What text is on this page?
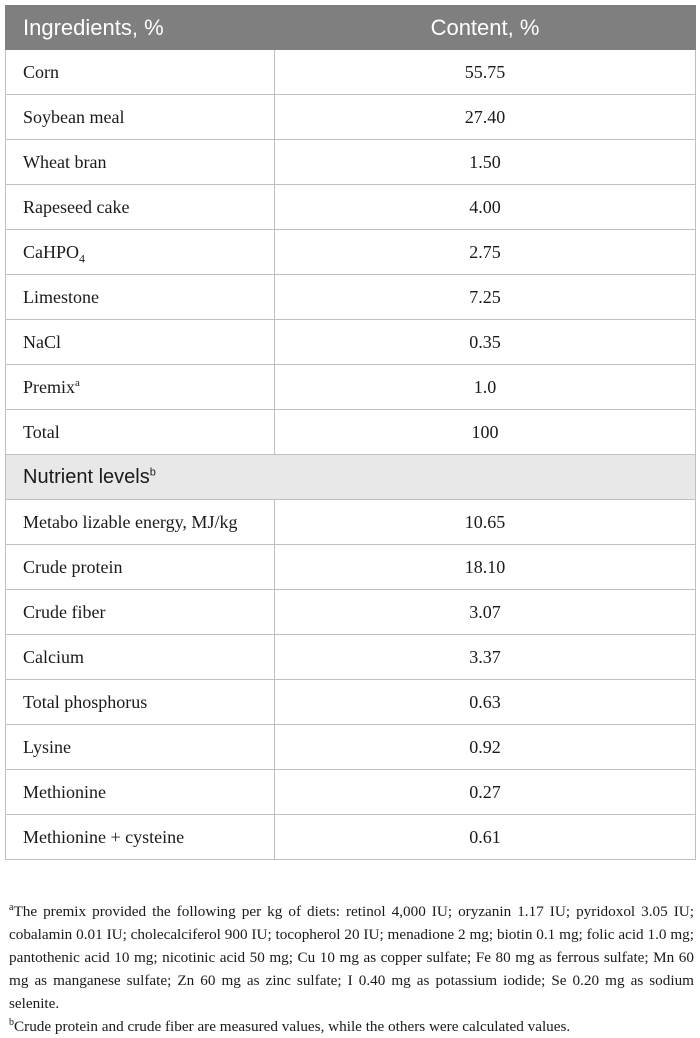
Ingredients, %	Content, %
Corn	55.75
Soybean meal	27.40
Wheat bran	1.50
Rapeseed cake	4.00
CaHPO$_4$	2.75
Limestone	7.25
NaCl	0.35
Premix$^a$	1.0
Total	100
Nutrient levels$^b$
Metabo lizable energy, MJ/kg	10.65
Crude protein	18.10
Crude fiber	3.07
Calcium	3.37
Total phosphorus	0.63
Lysine	0.92
Methionine	0.27
Methionine + cysteine	0.61

$^a$The premix provided the following per kg of diets: retinol 4,000 IU; oryzanin 1.17 IU; pyridoxol 3.05 IU; cobalamin 0.01 IU; cholecalciferol 900 IU; tocopherol 20 IU; menadione 2 mg; biotin 0.1 mg; folic acid 1.0 mg; pantothenic acid 10 mg; nicotinic acid 50 mg; Cu 10 mg as copper sulfate; Fe 80 mg as ferrous sulfate; Mn 60 mg as manganese sulfate; Zn 60 mg as zinc sulfate; I 0.40 mg as potassium iodide; Se 0.20 mg as sodium selenite.

$^b$Crude protein and crude fiber are measured values, while the others were calculated values.
